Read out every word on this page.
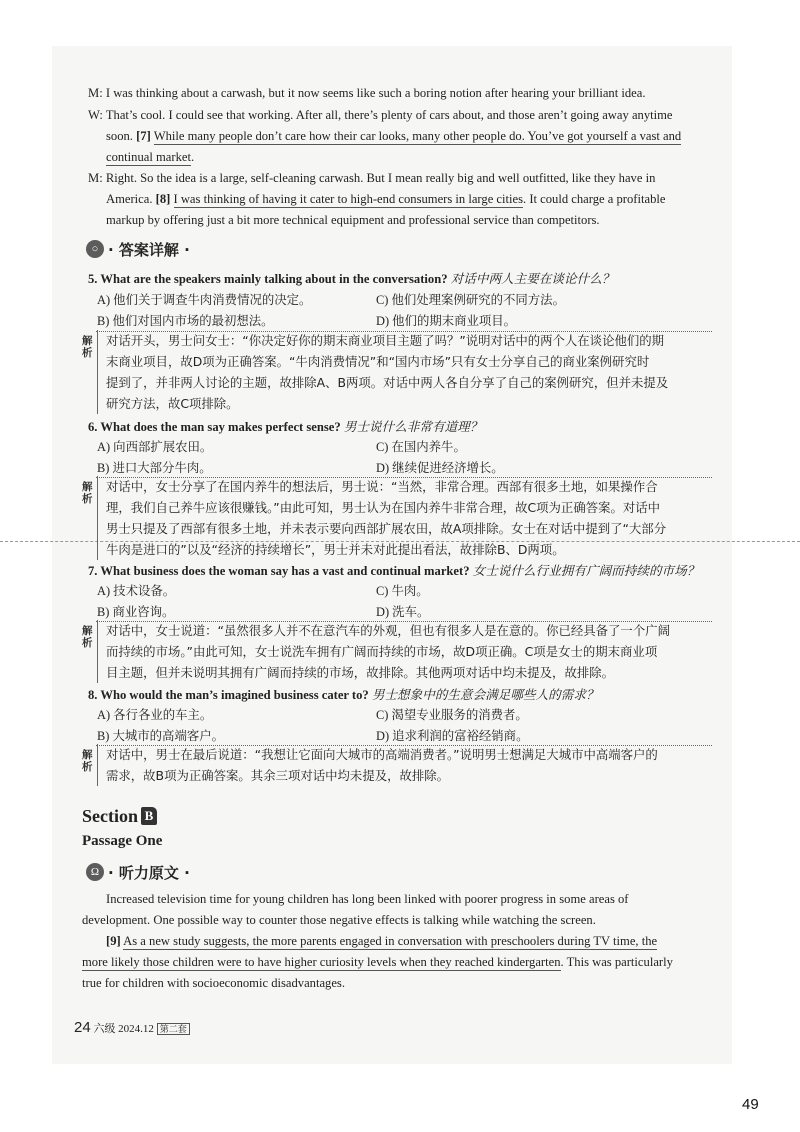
M: I was thinking about a carwash, but it now seems like such a boring notion after hearing your brilliant idea.
W: That’s cool. I could see that working. After all, there’s plenty of cars about, and those aren’t going away anytime
soon. [7] While many people don’t care how their car looks, many other people do. You’ve got yourself a vast and
continual market.
M: Right. So the idea is a large, self-cleaning carwash. But I mean really big and well outfitted, like they have in
America. [8] I was thinking of having it cater to high-end consumers in large cities. It could charge a profitable
markup by offering just a bit more technical equipment and professional service than competitors.
○ · 答案详解 ·
5. What are the speakers mainly talking about in the conversation? 对话中两人主要在谈论什么？
A) 他们关于调查牛肉消费情况的决定。	C) 他们处理案例研究的不同方法。
B) 他们对国内市场的最初想法。	D) 他们的期末商业项目。
解析
对话开头，男士问女士：“你决定好你的期末商业项目主题了吗？”说明对话中的两个人在谈论他们的期
末商业项目，故D项为正确答案。“牛肉消费情况”和“国内市场”只有女士分享自己的商业案例研究时
提到了，并非两人讨论的主题，故排除A、B两项。对话中两人各自分享了自己的案例研究，但并未提及
研究方法，故C项排除。
6. What does the man say makes perfect sense? 男士说什么非常有道理？
A) 向西部扩展农田。	C) 在国内养牛。
B) 进口大部分牛肉。	D) 继续促进经济增长。
解析
对话中，女士分享了在国内养牛的想法后，男士说：“当然，非常合理。西部有很多土地，如果操作合
理，我们自己养牛应该很赚钱。”由此可知，男士认为在国内养牛非常合理，故C项为正确答案。对话中
男士只提及了西部有很多土地，并未表示要向西部扩展农田，故A项排除。女士在对话中提到了“大部分
牛肉是进口的”以及“经济的持续增长”，男士并未对此提出看法，故排除B、D两项。
7. What business does the woman say has a vast and continual market? 女士说什么行业拥有广阔而持续的市场？
A) 技术设备。	C) 牛肉。
B) 商业咨询。	D) 洗车。
解析
对话中，女士说道：“虽然很多人并不在意汽车的外观，但也有很多人是在意的。你已经具备了一个广阔
而持续的市场。”由此可知，女士说洗车拥有广阔而持续的市场，故D项正确。C项是女士的期末商业项
目主题，但并未说明其拥有广阔而持续的市场，故排除。其他两项对话中均未提及，故排除。
8. Who would the man’s imagined business cater to? 男士想象中的生意会满足哪些人的需求？
A) 各行各业的车主。	C) 渴望专业服务的消费者。
B) 大城市的高端客户。	D) 追求利润的富裕经销商。
解析
对话中，男士在最后说道：“我想让它面向大城市的高端消费者。”说明男士想满足大城市中高端客户的
需求，故B项为正确答案。其余三项对话中均未提及，故排除。
Section B
Passage One
Ω · 听力原文 ·
Increased television time for young children has long been linked with poorer progress in some areas of
development. One possible way to counter those negative effects is talking while watching the screen.
[9] As a new study suggests, the more parents engaged in conversation with preschoolers during TV time, the
more likely those children were to have higher curiosity levels when they reached kindergarten. This was particularly
true for children with socioeconomic disadvantages.
24 六级 2024.12 第二套
49
